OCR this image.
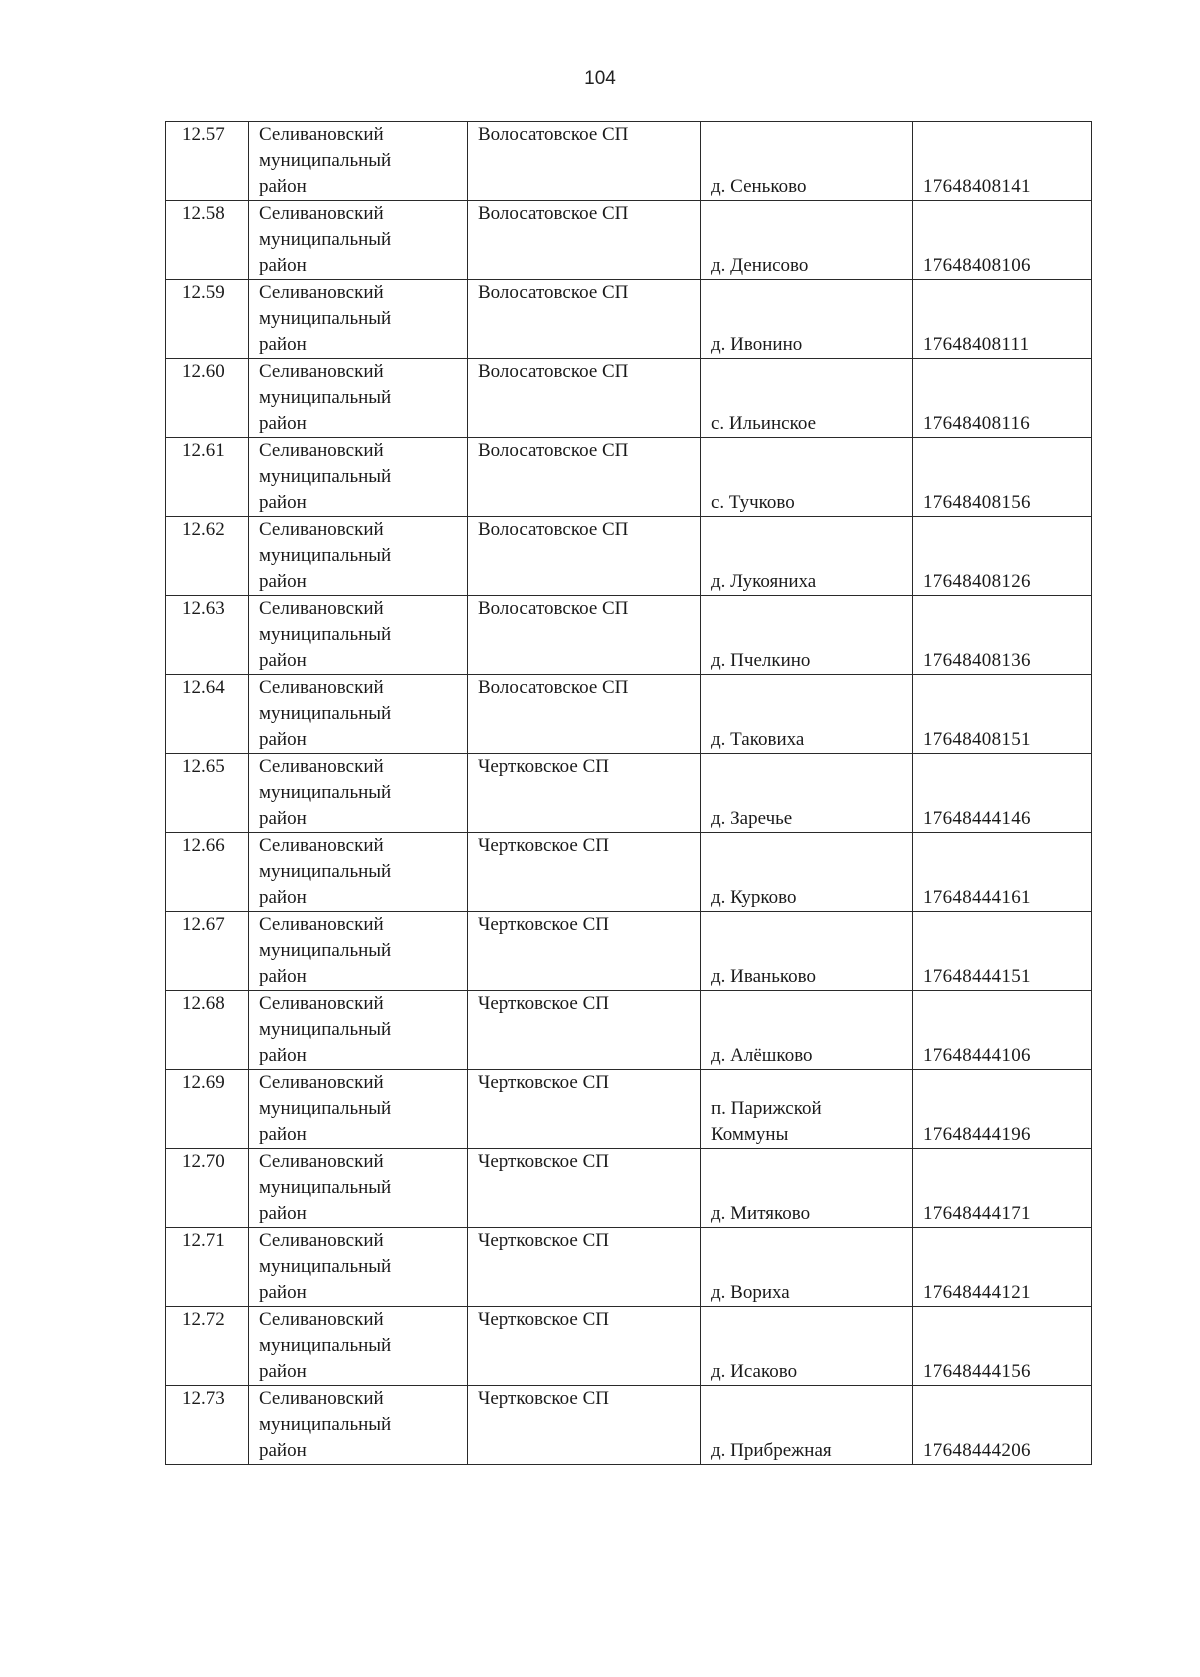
104
12.57	Селивановский
муниципальный
район	Волосатовское СП	д. Сеньково	17648408141
12.58	Селивановский
муниципальный
район	Волосатовское СП	д. Денисово	17648408106
12.59	Селивановский
муниципальный
район	Волосатовское СП	д. Ивонино	17648408111
12.60	Селивановский
муниципальный
район	Волосатовское СП	с. Ильинское	17648408116
12.61	Селивановский
муниципальный
район	Волосатовское СП	с. Тучково	17648408156
12.62	Селивановский
муниципальный
район	Волосатовское СП	д. Лукояниха	17648408126
12.63	Селивановский
муниципальный
район	Волосатовское СП	д. Пчелкино	17648408136
12.64	Селивановский
муниципальный
район	Волосатовское СП	д. Таковиха	17648408151
12.65	Селивановский
муниципальный
район	Чертковское СП	д. Заречье	17648444146
12.66	Селивановский
муниципальный
район	Чертковское СП	д. Курково	17648444161
12.67	Селивановский
муниципальный
район	Чертковское СП	д. Иваньково	17648444151
12.68	Селивановский
муниципальный
район	Чертковское СП	д. Алёшково	17648444106
12.69	Селивановский
муниципальный
район	Чертковское СП	п. Парижской
Коммуны	17648444196
12.70	Селивановский
муниципальный
район	Чертковское СП	д. Митяково	17648444171
12.71	Селивановский
муниципальный
район	Чертковское СП	д. Воpиха	17648444121
12.72	Селивановский
муниципальный
район	Чертковское СП	д. Исаково	17648444156
12.73	Селивановский
муниципальный
район	Чертковское СП	д. Прибрежная	17648444206
